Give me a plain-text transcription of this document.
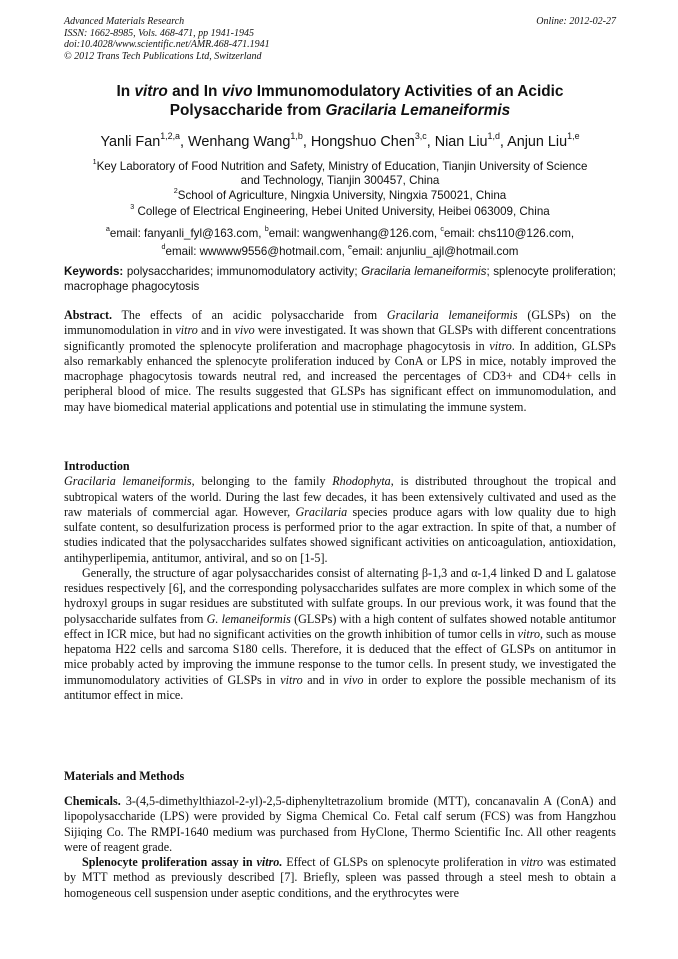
Advanced Materials Research
ISSN: 1662-8985, Vols. 468-471, pp 1941-1945
doi:10.4028/www.scientific.net/AMR.468-471.1941
© 2012 Trans Tech Publications Ltd, Switzerland
Online: 2012-02-27
In vitro and In vivo Immunomodulatory Activities of an Acidic
Polysaccharide from Gracilaria Lemaneiformis
Yanli Fan$^{1,2,a}$, Wenhang Wang$^{1,b}$, Hongshuo Chen$^{3,c}$, Nian Liu$^{1,d}$, Anjun Liu$^{1,e}$
$^1$Key Laboratory of Food Nutrition and Safety, Ministry of Education, Tianjin University of Science
and Technology, Tianjin 300457, China
$^2$School of Agriculture, Ningxia University, Ningxia 750021, China
$^3$ College of Electrical Engineering, Hebei United University, Heibei 063009, China
$^a$email: fanyanli_fyl@163.com, $^b$email: wangwenhang@126.com, $^c$email: chs110@126.com,
$^d$email: wwwww9556@hotmail.com, $^e$email: anjunliu_ajl@hotmail.com
Keywords: polysaccharides; immunomodulatory activity; Gracilaria lemaneiformis; splenocyte proliferation; macrophage phagocytosis

Abstract. The effects of an acidic polysaccharide from Gracilaria lemaneiformis (GLSPs) on the immunomodulation in vitro and in vivo were investigated. It was shown that GLSPs with different concentrations significantly promoted the splenocyte proliferation and macrophage phagocytosis in vitro. In addition, GLSPs also remarkably enhanced the splenocyte proliferation induced by ConA or LPS in mice, notably improved the macrophage phagocytosis towards neutral red, and increased the percentages of CD3+ and CD4+ cells in peripheral blood of mice. The results suggested that GLSPs has significant effect on immunomodulation, and may have biomedical material applications and potential use in stimulating the immune system.

Introduction

Gracilaria lemaneiformis, belonging to the family Rhodophyta, is distributed throughout the tropical and subtropical waters of the world. During the last few decades, it has been extensively cultivated and used as the raw materials of commercial agar. However, Gracilaria species produce agars with low quality due to high sulfate content, so desulfurization process is performed prior to the agar extraction. In spite of that, a number of studies indicated that the polysaccharides sulfates showed significant activities on anticoagulation, antioxidation, antihyperlipemia, antitumor, antiviral, and so on [1-5].

Generally, the structure of agar polysaccharides consist of alternating β-1,3 and α-1,4 linked D and L galatose residues respectively [6], and the corresponding polysaccharides sulfates are more complex in which some of the hydroxyl groups in sugar residues are substituted with sulfate groups. In our previous work, it was found that the polysaccharide sulfates from G. lemaneiformis (GLSPs) with a high content of sulfates showed notable antitumor effect in ICR mice, but had no significant activities on the growth inhibition of tumor cells in vitro, such as mouse hepatoma H22 cells and sarcoma S180 cells. Therefore, it is deduced that the effect of GLSPs on antitumor in mice probably acted by improving the immune response to the tumor cells. In present study, we investigated the immunomodulatory activities of GLSPs in vitro and in vivo in order to explore the possible mechanism of its antitumor effect in mice.

Materials and Methods

Chemicals. 3-(4,5-dimethylthiazol-2-yl)-2,5-diphenyltetrazolium bromide (MTT), concanavalin A (ConA) and lipopolysaccharide (LPS) were provided by Sigma Chemical Co. Fetal calf serum (FCS) was from Hangzhou Sijiqing Co. The RMPI-1640 medium was purchased from HyClone, Thermo Scientific Inc. All other reagents were of reagent grade.

Splenocyte proliferation assay in vitro. Effect of GLSPs on splenocyte proliferation in vitro was estimated by MTT method as previously described [7]. Briefly, spleen was passed through a steel mesh to obtain a homogeneous cell suspension under aseptic conditions, and the erythrocytes were
